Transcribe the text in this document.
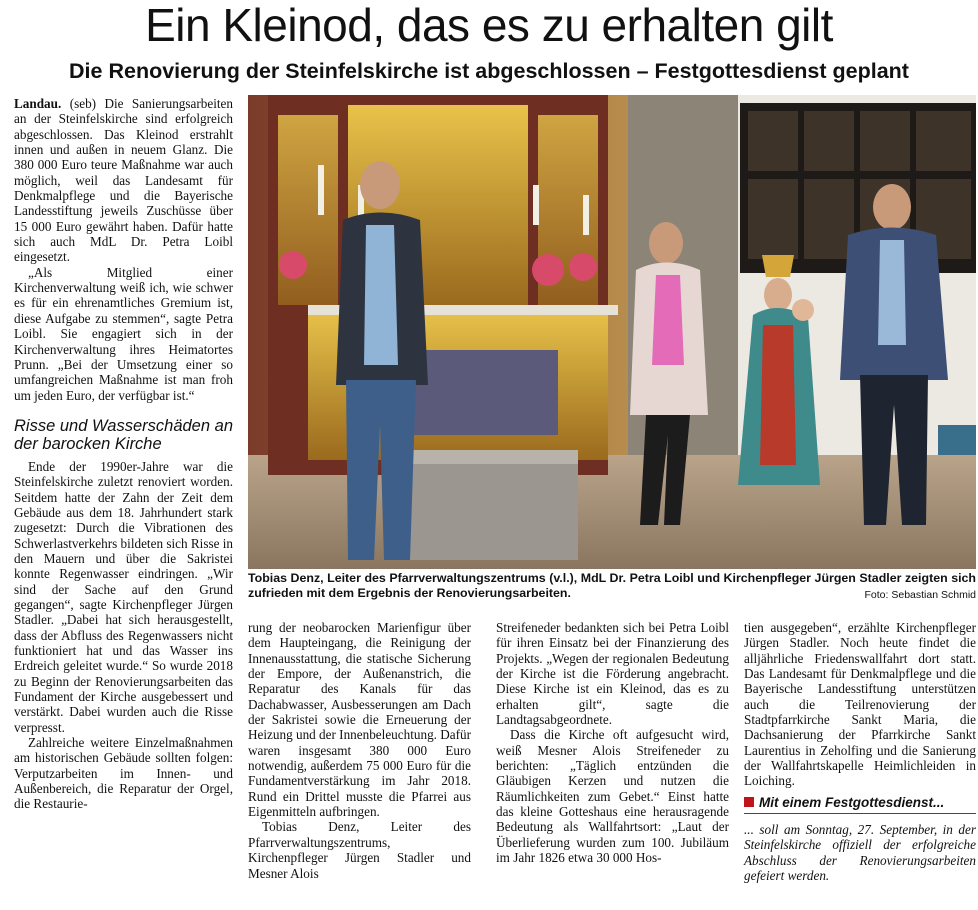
Ein Kleinod, das es zu erhalten gilt
Die Renovierung der Steinfelskirche ist abgeschlossen – Festgottesdienst geplant

Landau. (seb) Die Sanierungsarbeiten an der Steinfelskirche sind erfolgreich abgeschlossen. Das Kleinod erstrahlt innen und außen in neuem Glanz. Die 380 000 Euro teure Maßnahme war auch möglich, weil das Landesamt für Denkmalpflege und die Bayerische Landesstiftung jeweils Zuschüsse über 15 000 Euro gewährt haben. Dafür hatte sich auch MdL Dr. Petra Loibl eingesetzt.

„Als Mitglied einer Kirchenverwaltung weiß ich, wie schwer es für ein ehrenamtliches Gremium ist, diese Aufgabe zu stemmen“, sagte Petra Loibl. Sie engagiert sich in der Kirchenverwaltung ihres Heimatortes Prunn. „Bei der Umsetzung einer so umfangreichen Maßnahme ist man froh um jeden Euro, der verfügbar ist.“

Risse und Wasserschäden an der barocken Kirche

Ende der 1990er-Jahre war die Steinfelskirche zuletzt renoviert worden. Seitdem hatte der Zahn der Zeit dem Gebäude aus dem 18. Jahrhundert stark zugesetzt: Durch die Vibrationen des Schwerlastverkehrs bildeten sich Risse in den Mauern und über die Sakristei konnte Regenwasser eindringen. „Wir sind der Sache auf den Grund gegangen“, sagte Kirchenpfleger Jürgen Stadler. „Dabei hat sich herausgestellt, dass der Abfluss des Regenwassers nicht funktioniert hat und das Wasser ins Erdreich geleitet wurde.“ So wurde 2018 zu Beginn der Renovierungsarbeiten das Fundament der Kirche ausgebessert und verstärkt. Dabei wurden auch die Risse verpresst.

Zahlreiche weitere Einzelmaßnahmen am historischen Gebäude sollten folgen: Verputzarbeiten im Innen- und Außenbereich, die Reparatur der Orgel, die Restaurie-

Tobias Denz, Leiter des Pfarrverwaltungszentrums (v.l.), MdL Dr. Petra Loibl und Kirchenpfleger Jürgen Stadler zeigten sich zufrieden mit dem Ergebnis der Renovierungsarbeiten.	Foto: Sebastian Schmid

rung der neobarocken Marienfigur über dem Haupteingang, die Reinigung der Innenausstattung, die statische Sicherung der Empore, der Außenanstrich, die Reparatur des Kanals für das Dachabwasser, Ausbesserungen am Dach der Sakristei sowie die Erneuerung der Heizung und der Innenbeleuchtung. Dafür waren insgesamt 380 000 Euro notwendig, außerdem 75 000 Euro für die Fundamentverstärkung im Jahr 2018. Rund ein Drittel musste die Pfarrei aus Eigenmitteln aufbringen.

Tobias Denz, Leiter des Pfarrverwaltungszentrums, Kirchenpfleger Jürgen Stadler und Mesner Alois

Streifeneder bedankten sich bei Petra Loibl für ihren Einsatz bei der Finanzierung des Projekts. „Wegen der regionalen Bedeutung der Kirche ist die Förderung angebracht. Diese Kirche ist ein Kleinod, das es zu erhalten gilt“, sagte die Landtagsabgeordnete.

Dass die Kirche oft aufgesucht wird, weiß Mesner Alois Streifeneder zu berichten: „Täglich entzünden die Gläubigen Kerzen und nutzen die Räumlichkeiten zum Gebet.“ Einst hatte das kleine Gotteshaus eine herausragende Bedeutung als Wallfahrtsort: „Laut der Überlieferung wurden zum 100. Jubiläum im Jahr 1826 etwa 30 000 Hos-

tien ausgegeben“, erzählte Kirchenpfleger Jürgen Stadler. Noch heute findet die alljährliche Friedenswallfahrt dort statt. Das Landesamt für Denkmalpflege und die Bayerische Landesstiftung unterstützen auch die Teilrenovierung der Stadtpfarrkirche Sankt Maria, die Dachsanierung der Pfarrkirche Sankt Laurentius in Zeholfing und die Sanierung der Wallfahrtskapelle Heimlichleiden in Loiching.

Mit einem Festgottesdienst...

... soll am Sonntag, 27. September, in der Steinfelskirche offiziell der erfolgreiche Abschluss der Renovierungsarbeiten gefeiert werden.
